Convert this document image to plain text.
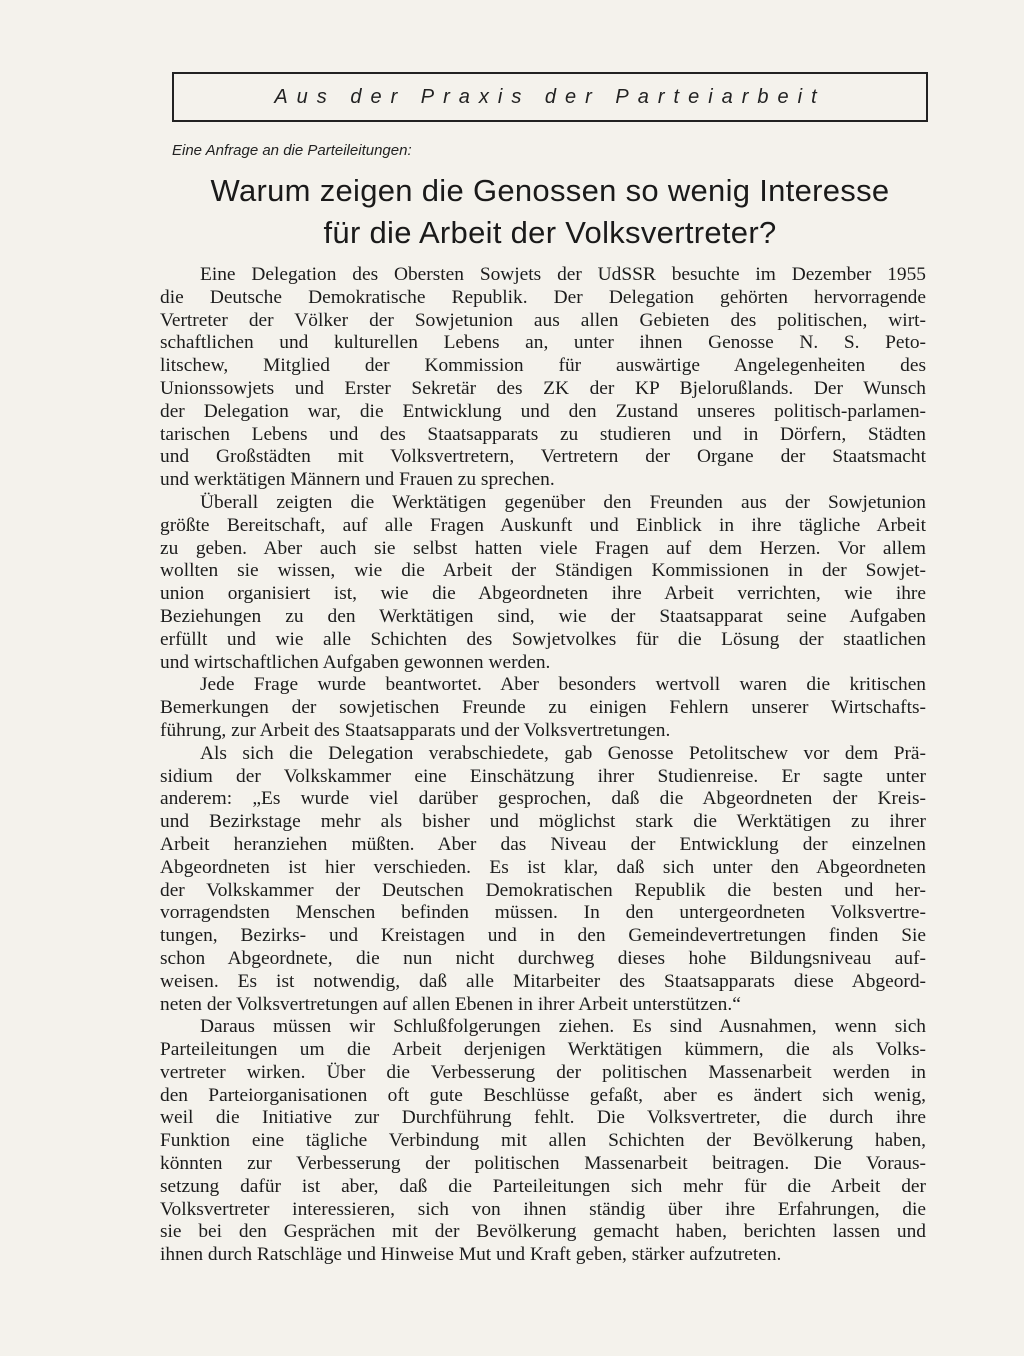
Aus der Praxis der Parteiarbeit
Eine Anfrage an die Parteileitungen:
Warum zeigen die Genossen so wenig Interesse
für die Arbeit der Volksvertreter?
Eine Delegation des Obersten Sowjets der UdSSR besuchte im Dezember 1955
die Deutsche Demokratische Republik. Der Delegation gehörten hervorragende
Vertreter der Völker der Sowjetunion aus allen Gebieten des politischen, wirt-
schaftlichen und kulturellen Lebens an, unter ihnen Genosse N. S. Peto-
litschew, Mitglied der Kommission für auswärtige Angelegenheiten des
Unionssowjets und Erster Sekretär des ZK der KP Bjelorußlands. Der Wunsch
der Delegation war, die Entwicklung und den Zustand unseres politisch-parlamen-
tarischen Lebens und des Staatsapparats zu studieren und in Dörfern, Städten
und Großstädten mit Volksvertretern, Vertretern der Organe der Staatsmacht
und werktätigen Männern und Frauen zu sprechen.
Überall zeigten die Werktätigen gegenüber den Freunden aus der Sowjetunion
größte Bereitschaft, auf alle Fragen Auskunft und Einblick in ihre tägliche Arbeit
zu geben. Aber auch sie selbst hatten viele Fragen auf dem Herzen. Vor allem
wollten sie wissen, wie die Arbeit der Ständigen Kommissionen in der Sowjet-
union organisiert ist, wie die Abgeordneten ihre Arbeit verrichten, wie ihre
Beziehungen zu den Werktätigen sind, wie der Staatsapparat seine Aufgaben
erfüllt und wie alle Schichten des Sowjetvolkes für die Lösung der staatlichen
und wirtschaftlichen Aufgaben gewonnen werden.
Jede Frage wurde beantwortet. Aber besonders wertvoll waren die kritischen
Bemerkungen der sowjetischen Freunde zu einigen Fehlern unserer Wirtschafts-
führung, zur Arbeit des Staatsapparats und der Volksvertretungen.
Als sich die Delegation verabschiedete, gab Genosse Petolitschew vor dem Prä-
sidium der Volkskammer eine Einschätzung ihrer Studienreise. Er sagte unter
anderem: „Es wurde viel darüber gesprochen, daß die Abgeordneten der Kreis-
und Bezirkstage mehr als bisher und möglichst stark die Werktätigen zu ihrer
Arbeit heranziehen müßten. Aber das Niveau der Entwicklung der einzelnen
Abgeordneten ist hier verschieden. Es ist klar, daß sich unter den Abgeordneten
der Volkskammer der Deutschen Demokratischen Republik die besten und her-
vorragendsten Menschen befinden müssen. In den untergeordneten Volksvertre-
tungen, Bezirks- und Kreistagen und in den Gemeindevertretungen finden Sie
schon Abgeordnete, die nun nicht durchweg dieses hohe Bildungsniveau auf-
weisen. Es ist notwendig, daß alle Mitarbeiter des Staatsapparats diese Abgeord-
neten der Volksvertretungen auf allen Ebenen in ihrer Arbeit unterstützen.“
Daraus müssen wir Schlußfolgerungen ziehen. Es sind Ausnahmen, wenn sich
Parteileitungen um die Arbeit derjenigen Werktätigen kümmern, die als Volks-
vertreter wirken. Über die Verbesserung der politischen Massenarbeit werden in
den Parteiorganisationen oft gute Beschlüsse gefaßt, aber es ändert sich wenig,
weil die Initiative zur Durchführung fehlt. Die Volksvertreter, die durch ihre
Funktion eine tägliche Verbindung mit allen Schichten der Bevölkerung haben,
könnten zur Verbesserung der politischen Massenarbeit beitragen. Die Voraus-
setzung dafür ist aber, daß die Parteileitungen sich mehr für die Arbeit der
Volksvertreter interessieren, sich von ihnen ständig über ihre Erfahrungen, die
sie bei den Gesprächen mit der Bevölkerung gemacht haben, berichten lassen und
ihnen durch Ratschläge und Hinweise Mut und Kraft geben, stärker aufzutreten.
